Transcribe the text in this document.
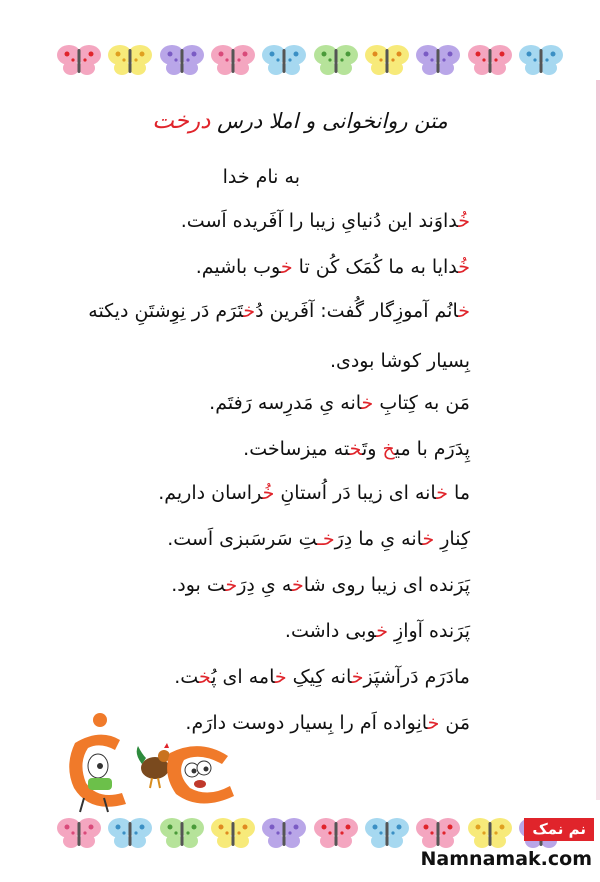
متن روانخوانی و املا درس درخت
به نام خدا
خُداوَند این دُنیایِ زیبا را آفَریده اَست.
خُدایا به ما کُمَک کُن تا خوب باشیم.
خانُم آموزِگار گُفت: آفَرین دُختَرَم دَر نِوِشتَنِ دیکته
بِسیار کوشا بودی.
مَن به کِتابِ خانه یِ مَدرِسه رَفتَم.
پِدَرَم با میخ وتَخته میزساخت.
ما خانه ای زیبا دَر اُستانِ خُراسان داریم.
کِنارِ خانه یِ ما دِرَخـتِ سَرسَبزی اَست.
پَرَنده ای زیبا روی شاخه یِ دِرَخت بود.
پَرَنده آوازِ خوبی داشت.
مادَرَم دَرآشپَزخانه کِیکِ خامه ای پُخت.
مَن خانِواده اَم را بِسیار دوست دارَم.
نم نمک
Namnamak.com
